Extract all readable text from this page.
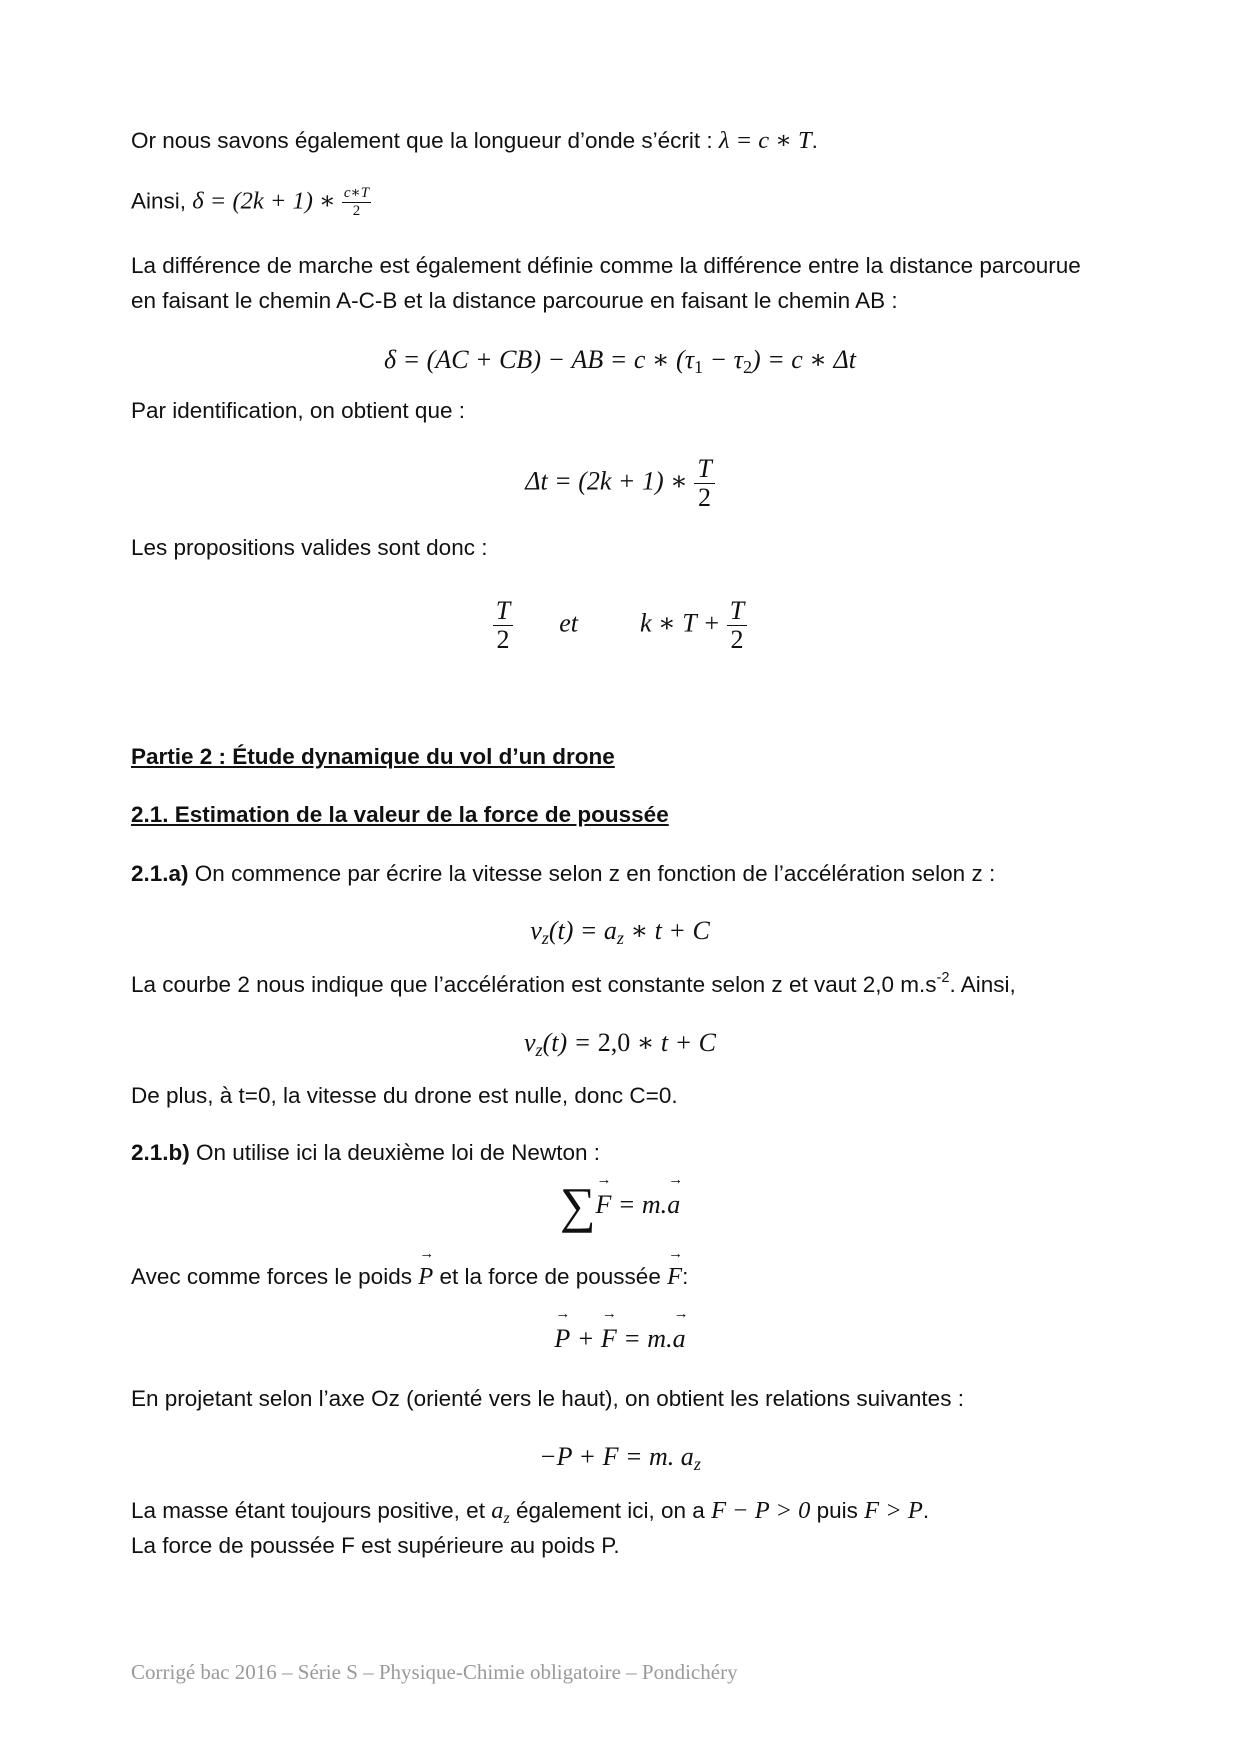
Or nous savons également que la longueur d’onde s’écrit : λ = c ∗ T.
Ainsi, δ = (2k + 1) ∗ $\frac{c∗T}{2}$
La différence de marche est également définie comme la différence entre la distance parcourue
en faisant le chemin A-C-B et la distance parcourue en faisant le chemin AB :
δ = (AC + CB) − AB = c ∗ $(\tau_1 - \tau_2) = c$ ∗ Δt
Par identification, on obtient que :
Δt = (2k + 1) ∗ $\frac{T}{2}$
Les propositions valides sont donc :
$\frac{T}{2}$ et k ∗ $T + \frac{T}{2}$
Partie 2 : Étude dynamique du vol d’un drone
2.1. Estimation de la valeur de la force de poussée
2.1.a) On commence par écrire la vitesse selon z en fonction de l’accélération selon z :
$v_z(t) = a_z$ ∗ t + C
La courbe 2 nous indique que l’accélération est constante selon z et vaut 2,0 $m.s^{-2}$. Ainsi,
$v_z(t) = 2,0$ ∗ t + C
De plus, à t=0, la vitesse du drone est nulle, donc C=0.
2.1.b) On utilise ici la deuxième loi de Newton :
∑→ F = m.→ a
Avec comme forces le poids → P et la force de poussée → F:
→ P + → F = m.→ a
En projetant selon l’axe Oz (orienté vers le haut), on obtient les relations suivantes :
−P + F = m. $a_z$
La masse étant toujours positive, et $a_z$ également ici, on a F − P > 0 puis F > P.
La force de poussée F est supérieure au poids P.
Corrigé bac 2016 – Série S – Physique-Chimie obligatoire – Pondichéry
